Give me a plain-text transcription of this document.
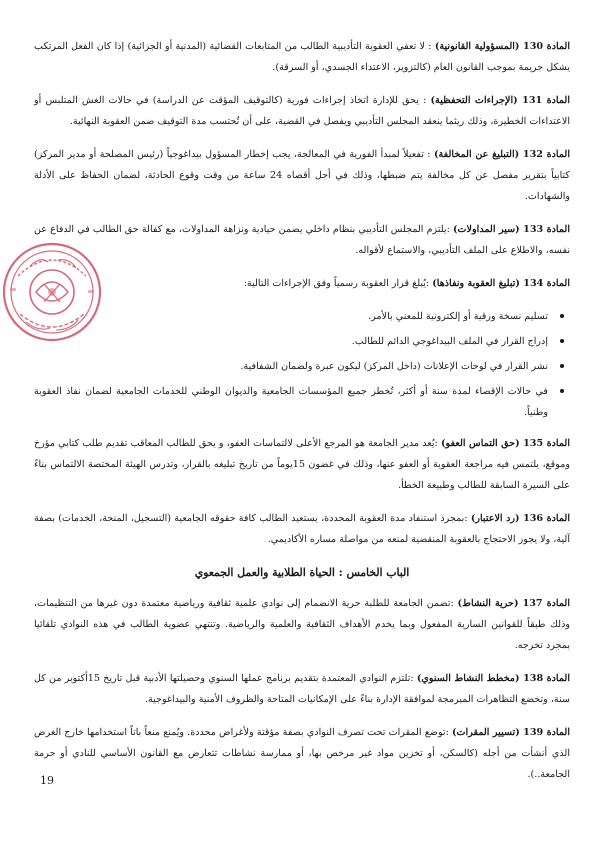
المادة 130 (المسؤولية القانونية) : لا تعفي العقوبة التأديبية الطالب من المتابعات القضائية (المدنية أو الجزائية) إذا كان الفعل المرتكب يشكل جريمة بموجب القانون العام (كالتزوير، الاعتداء الجسدي، أو السرقة).

المادة 131 (الإجراءات التحفظية) : يحق للإدارة اتخاذ إجراءات فورية (كالتوقيف المؤقت عن الدراسة) في حالات الغش المتلبس أو الاعتداءات الخطيرة، وذلك ريثما ينعقد المجلس التأديبي ويفصل في القضية، على أن تُحتسب مدة التوقيف ضمن العقوبة النهائية.

المادة 132 (التبليغ عن المخالفة) : تفعيلاً لمبدأ الفورية في المعالجة، يجب إخطار المسؤول بيداغوجياً (رئيس المصلحة أو مدير المركز) كتابياً بتقرير مفصل عن كل مخالفة يتم ضبطها، وذلك في أجل أقصاه 24 ساعة من وقت وقوع الحادثة، لضمان الحفاظ على الأدلة والشهادات.

المادة 133 (سير المداولات) :يلتزم المجلس التأديبي بنظام داخلي يضمن حيادية ونزاهة المداولات، مع كفالة حق الطالب في الدفاع عن نفسه، والاطلاع على الملف التأديبي، والاستماع لأقواله.

المادة 134 (تبليغ العقوبة ونفاذها) :يُبلغ قرار العقوبة رسمياً وفق الإجراءات التالية:

تسليم نسخة ورقية أو إلكترونية للمعني بالأمر.
إدراج القرار في الملف البيداغوجي الدائم للطالب.
نشر القرار في لوحات الإعلانات (داخل المركز) ليكون عبرة ولضمان الشفافية.
في حالات الإقصاء لمدة سنة أو أكثر، تُخطر جميع المؤسسات الجامعية والديوان الوطني للخدمات الجامعية لضمان نفاذ العقوبة وطنياً.

المادة 135 (حق التماس العفو) :يُعد مدير الجامعة هو المرجع الأعلى لالتماسات العفو، و يحق للطالب المعاقب تقديم طلب كتابي مؤرخ وموقع، يلتمس فيه مراجعة العقوبة أو العفو عنها، وذلك في غضون 15يوماً من تاريخ تبليغه بالقرار، وتدرس الهيئة المختصة الالتماس بناءً على السيرة السابقة للطالب وطبيعة الخطأ.

المادة 136 (رد الاعتبار) :بمجرد استنفاد مدة العقوبة المحددة، يستعيد الطالب كافة حقوقه الجامعية (التسجيل، المنحة، الخدمات) بصفة آلية، ولا يجوز الاحتجاج بالعقوبة المنقضية لمنعه من مواصلة مساره الأكاديمي.

الباب الخامس : الحياة الطلابية والعمل الجمعوي

المادة 137 (حرية النشاط) :تضمن الجامعة للطلبة حرية الانضمام إلى نوادي علمية ثقافية ورياضية معتمدة دون غيرها من التنظيمات، وذلك طبقاً للقوانين السارية المفعول وبما يخدم الأهداف الثقافية والعلمية والرياضية. وتنتهي عضوية الطالب في هذه النوادي تلقائيا بمجرد تخرجه.

المادة 138 (مخطط النشاط السنوي) :تلتزم النوادي المعتمدة بتقديم برنامج عملها السنوي وحصيلتها الأدبية قبل تاريخ 15أكتوبر من كل سنة، وتخضع التظاهرات المبرمجة لموافقة الإدارة بناءً على الإمكانيات المتاحة والظروف الأمنية والبيداغوجية.

المادة 139 (تسيير المقرات) :توضع المقرات تحت تصرف النوادي بصفة مؤقتة ولأغراض محددة. ويُمنع منعاً باتاً استخدامها خارج الغرض الذي أنشأت من أجله (كالسكن، أو تخزين مواد غير مرخص بها، أو ممارسة نشاطات تتعارض مع القانون الأساسي للنادي أو حرمة الجامعة..).

19
